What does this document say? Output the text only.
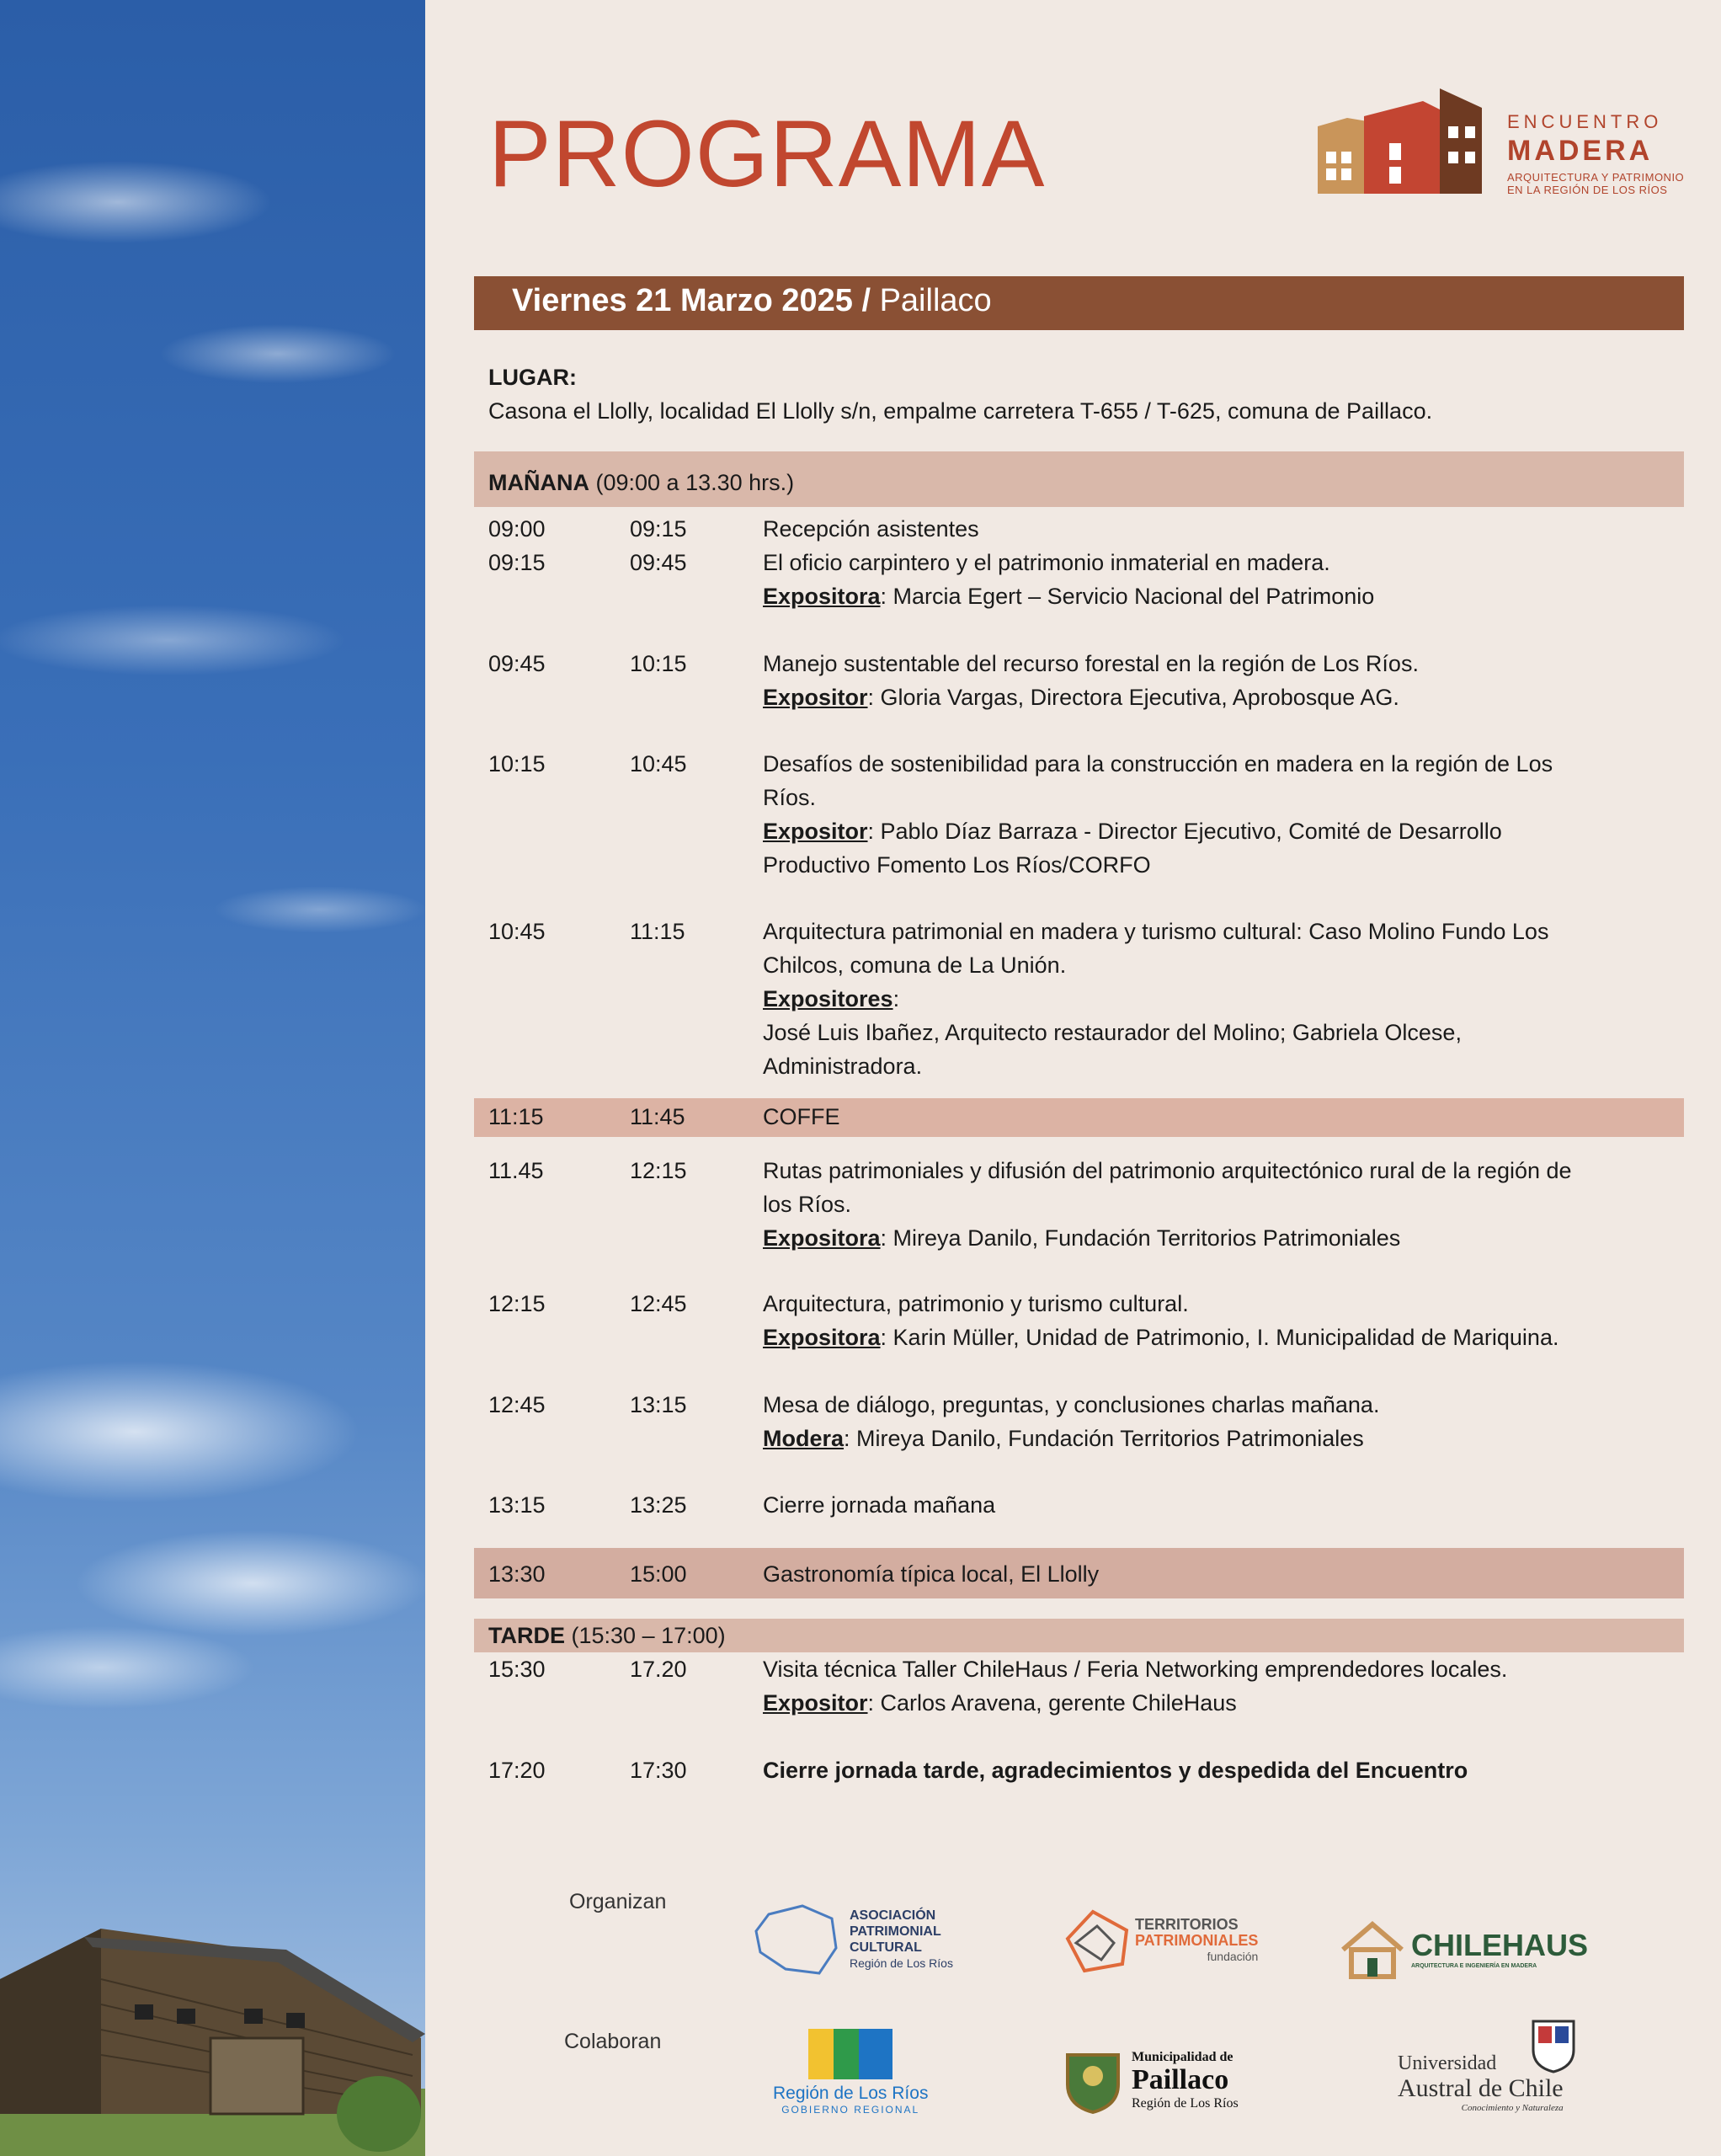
PROGRAMA	ENCUENTRO
MADERA
ARQUITECTURA Y PATRIMONIO
EN LA REGIÓN DE LOS RÍOS
Viernes 21 Marzo 2025 / Paillaco
LUGAR:
Casona el Llolly, localidad El Llolly s/n, empalme carretera T-655 / T-625, comuna de Paillaco.
MAÑANA (09:00 a 13.30 hrs.)
09:00	09:15	Recepción asistentes
09:15	09:45	El oficio carpintero y el patrimonio inmaterial en madera.
Expositora: Marcia Egert – Servicio Nacional del Patrimonio
09:45	10:15	Manejo sustentable del recurso forestal en la región de Los Ríos.
Expositor: Gloria Vargas, Directora Ejecutiva, Aprobosque AG.
10:15	10:45	Desafíos de sostenibilidad para la construcción en madera en la región de Los
Ríos.
Expositor: Pablo Díaz Barraza - Director Ejecutivo, Comité de Desarrollo
Productivo Fomento Los Ríos/CORFO
10:45	11:15	Arquitectura patrimonial en madera y turismo cultural: Caso Molino Fundo Los
Chilcos, comuna de La Unión.
Expositores:
José Luis Ibañez, Arquitecto restaurador del Molino; Gabriela Olcese,
Administradora.
11:15	11:45	COFFE
11.45	12:15	Rutas patrimoniales y difusión del patrimonio arquitectónico rural de la región de
los Ríos.
Expositora: Mireya Danilo, Fundación Territorios Patrimoniales
12:15	12:45	Arquitectura, patrimonio y turismo cultural.
Expositora: Karin Müller, Unidad de Patrimonio, I. Municipalidad de Mariquina.
12:45	13:15	Mesa de diálogo, preguntas, y conclusiones charlas mañana.
Modera: Mireya Danilo, Fundación Territorios Patrimoniales
13:15	13:25	Cierre jornada mañana
13:30	15:00	Gastronomía típica local, El Llolly
TARDE (15:30 – 17:00)
15:30	17.20	Visita técnica Taller ChileHaus / Feria Networking emprendedores locales.
Expositor: Carlos Aravena, gerente ChileHaus
17:20	17:30	Cierre jornada tarde, agradecimientos y despedida del Encuentro
Organizan
Colaboran
ASOCIACIÓN
PATRIMONIAL
CULTURAL
Región de Los Ríos
TERRITORIOS
PATRIMONIALES
fundación	CHILEHAUS
ARQUITECTURA E INGENIERÍA EN MADERA
Región de Los Ríos
GOBIERNO REGIONAL
Municipalidad de
Paillaco
Región de Los Ríos
Universidad
Austral de Chile
Conocimiento y Naturaleza
